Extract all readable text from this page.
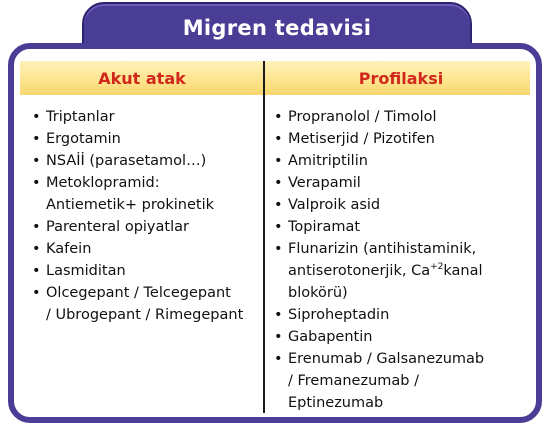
Migren tedavisi
Akut atak	Profilaksi
• Triptanlar
• Ergotamin
• NSAİİ (parasetamol…)
• Metoklopramid:
Antiemetik+ prokinetik
• Parenteral opiyatlar
• Kafein
• Lasmiditan
• Olcegepant / Telcegepant
/ Ubrogepant / Rimegepant
• Propranolol / Timolol
• Metiserjid / Pizotifen
• Amitriptilin
• Verapamil
• Valproik asid
• Topiramat
• Flunarizin (antihistaminik,
antiserotonerjik, $Ca^{+2}kanal$
blokörü)
• Siproheptadin
• Gabapentin
• Erenumab / Galsanezumab
/ Fremanezumab /
Eptinezumab
